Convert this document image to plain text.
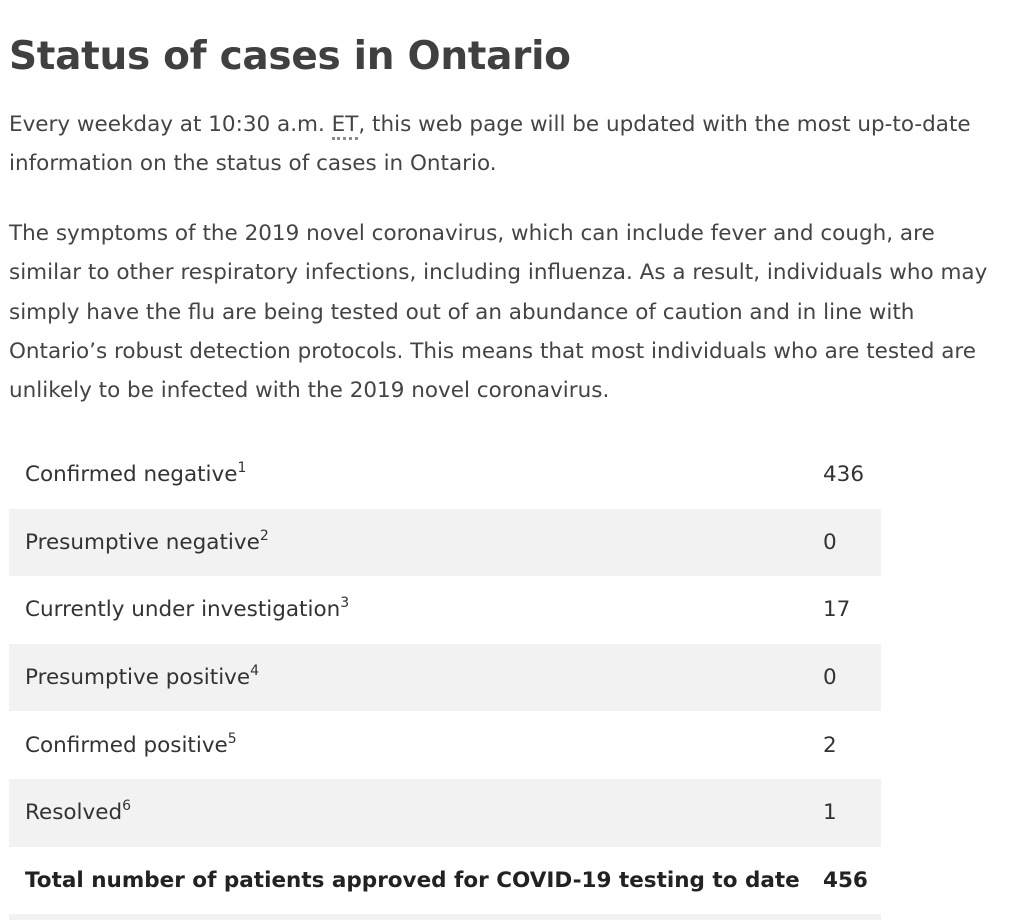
Status of cases in Ontario

Every weekday at 10:30 a.m. ET, this web page will be updated with the most up-to-date information on the status of cases in Ontario.

The symptoms of the 2019 novel coronavirus, which can include fever and cough, are similar to other respiratory infections, including influenza. As a result, individuals who may simply have the flu are being tested out of an abundance of caution and in line with Ontario’s robust detection protocols. This means that most individuals who are tested are unlikely to be infected with the 2019 novel coronavirus.

Confirmed negative$^1$	436
Presumptive negative$^2$	0
Currently under investigation$^3$	17
Presumptive positive$^4$	0
Confirmed positive$^5$	2
Resolved$^6$	1
Total number of patients approved for COVID-19 testing to date	456
